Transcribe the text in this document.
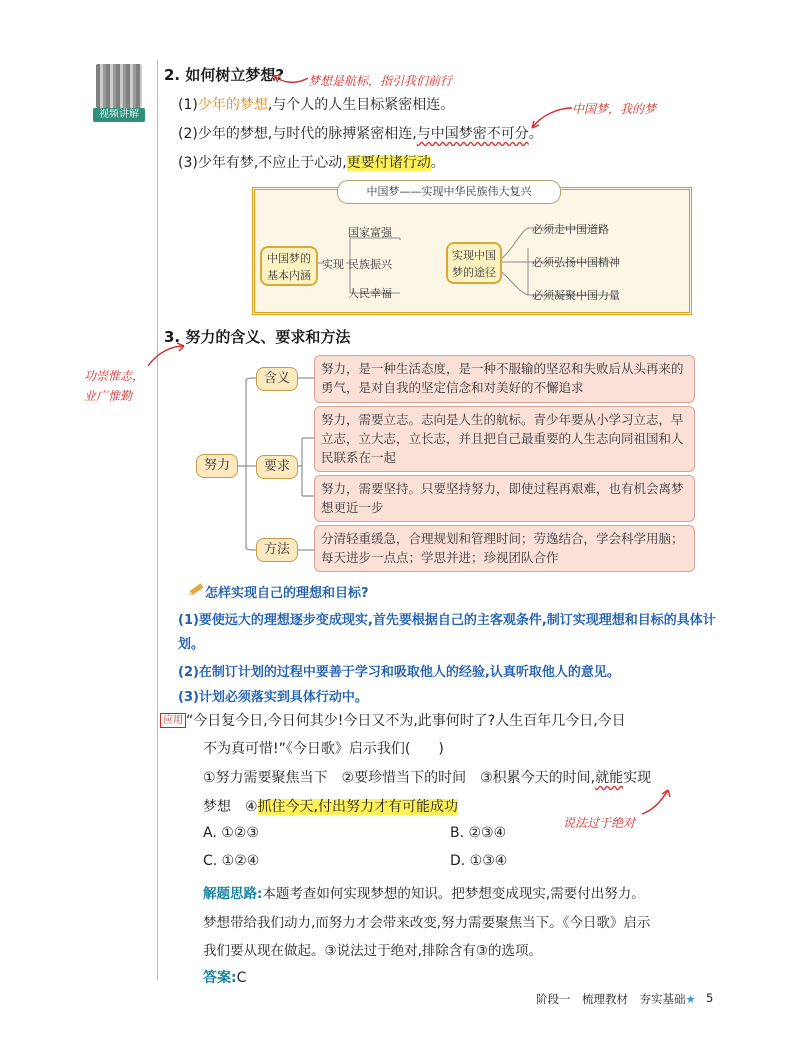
视频讲解
2. 如何树立梦想? 梦想是航标，指引我们前行
(1)少年的梦想,与个人的人生目标紧密相连。
(2)少年的梦想,与时代的脉搏紧密相连,与中国梦密不可分。
中国梦，我的梦
(3)少年有梦,不应止于心动,更要付诸行动。
中国梦——实现中华民族伟大复兴
中国梦的基本内涵
实现
国家富强
民族振兴
人民幸福
实现中国梦的途径
必须走中国道路
必须弘扬中国精神
必须凝聚中国力量
3. 努力的含义、要求和方法
功崇惟志，业广惟勤
努力
含义
要求
方法
努力，是一种生活态度，是一种不服输的坚忍和失败后从头再来的勇气，是对自我的坚定信念和对美好的不懈追求
努力，需要立志。志向是人生的航标。青少年要从小学习立志，早立志，立大志，立长志，并且把自己最重要的人生志向同祖国和人民联系在一起
努力，需要坚持。只要坚持努力，即使过程再艰难，也有机会离梦想更近一步
分清轻重缓急，合理规划和管理时间；劳逸结合，学会科学用脑；每天进步一点点；学思并进；珍视团队合作
怎样实现自己的理想和目标?
(1)要使远大的理想逐步变成现实,首先要根据自己的主客观条件,制订实现理想和目标的具体计划。
(2)在制订计划的过程中要善于学习和吸取他人的经验,认真听取他人的意见。
(3)计划必须落实到具体行动中。
应用 “今日复今日,今日何其少!今日又不为,此事何时了?人生百年几今日,今日
不为真可惜!”《今日歌》启示我们(　　)
①努力需要聚焦当下　②要珍惜当下的时间　③积累今天的时间,就能实现
梦想　④抓住今天,付出努力才有可能成功
说法过于绝对
A. ①②③	B. ②③④
C. ①②④	D. ①③④
解题思路:本题考查如何实现梦想的知识。把梦想变成现实,需要付出努力。
梦想带给我们动力,而努力才会带来改变,努力需要聚焦当下。《今日歌》启示
我们要从现在做起。③说法过于绝对,排除含有③的选项。
答案:C
阶段一　梳理教材　夯实基础★ 5
